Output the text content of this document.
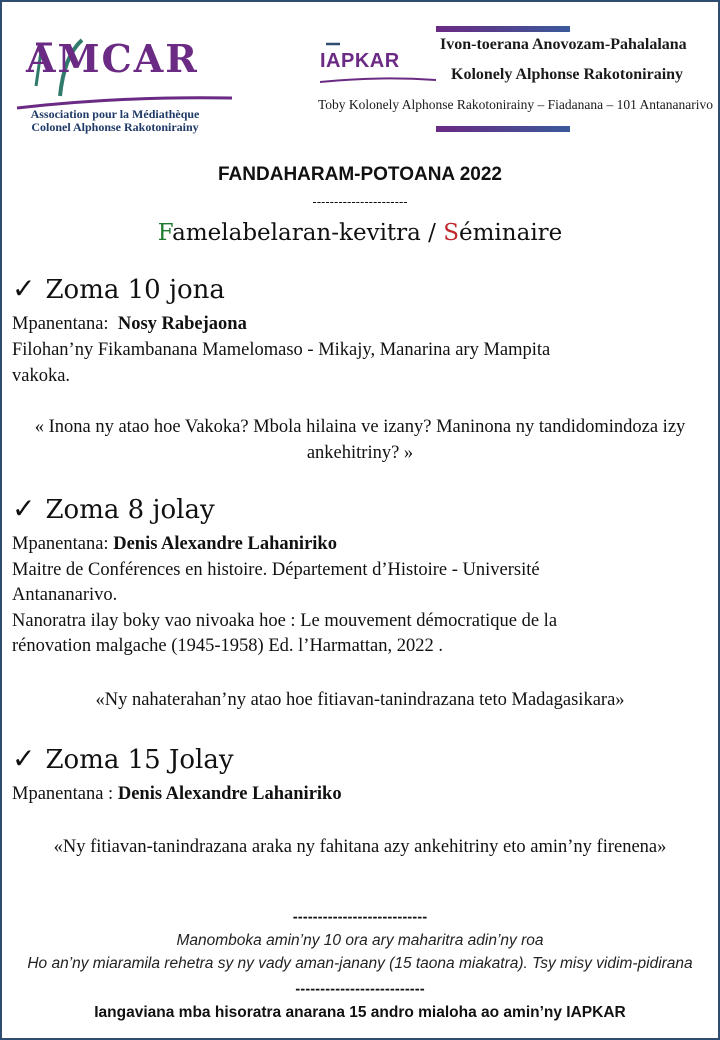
AMCAR
Association pour la Médiathèque
Colonel Alphonse Rakotonirainy
IAPKAR
Ivon-toerana Anovozam-Pahalalana
Kolonely Alphonse Rakotonirainy
Toby Kolonely Alphonse Rakotonirainy – Fiadanana – 101 Antananarivo
FANDAHARAM-POTOANA 2022
----------------------
Famelabelaran-kevitra / Séminaire
✓ Zoma 10 jona
Mpanentana: Nosy Rabejaona
Filohan’ny Fikambanana Mamelomaso - Mikajy, Manarina ary Mampita
vakoka.
« Inona ny atao hoe Vakoka? Mbola hilaina ve izany? Maninona ny tandidomindoza izy ankehitriny? »
✓ Zoma 8 jolay
Mpanentana: Denis Alexandre Lahaniriko
Maitre de Conférences en histoire. Département d’Histoire - Université
Antananarivo.
Nanoratra ilay boky vao nivoaka hoe : Le mouvement démocratique de la
rénovation malgache (1945-1958) Ed. l’Harmattan, 2022 .
«Ny nahaterahan’ny atao hoe fitiavan-tanindrazana teto Madagasikara»
✓ Zoma 15 Jolay
Mpanentana : Denis Alexandre Lahaniriko
«Ny fitiavan-tanindrazana araka ny fahitana azy ankehitriny eto amin’ny firenena»
---------------------------
Manomboka amin’ny 10 ora ary maharitra adin’ny roa
Ho an’ny miaramila rehetra sy ny vady aman-janany (15 taona miakatra). Tsy misy vidim-pidirana
--------------------------
Iangaviana mba hisoratra anarana 15 andro mialoha ao amin’ny IAPKAR
